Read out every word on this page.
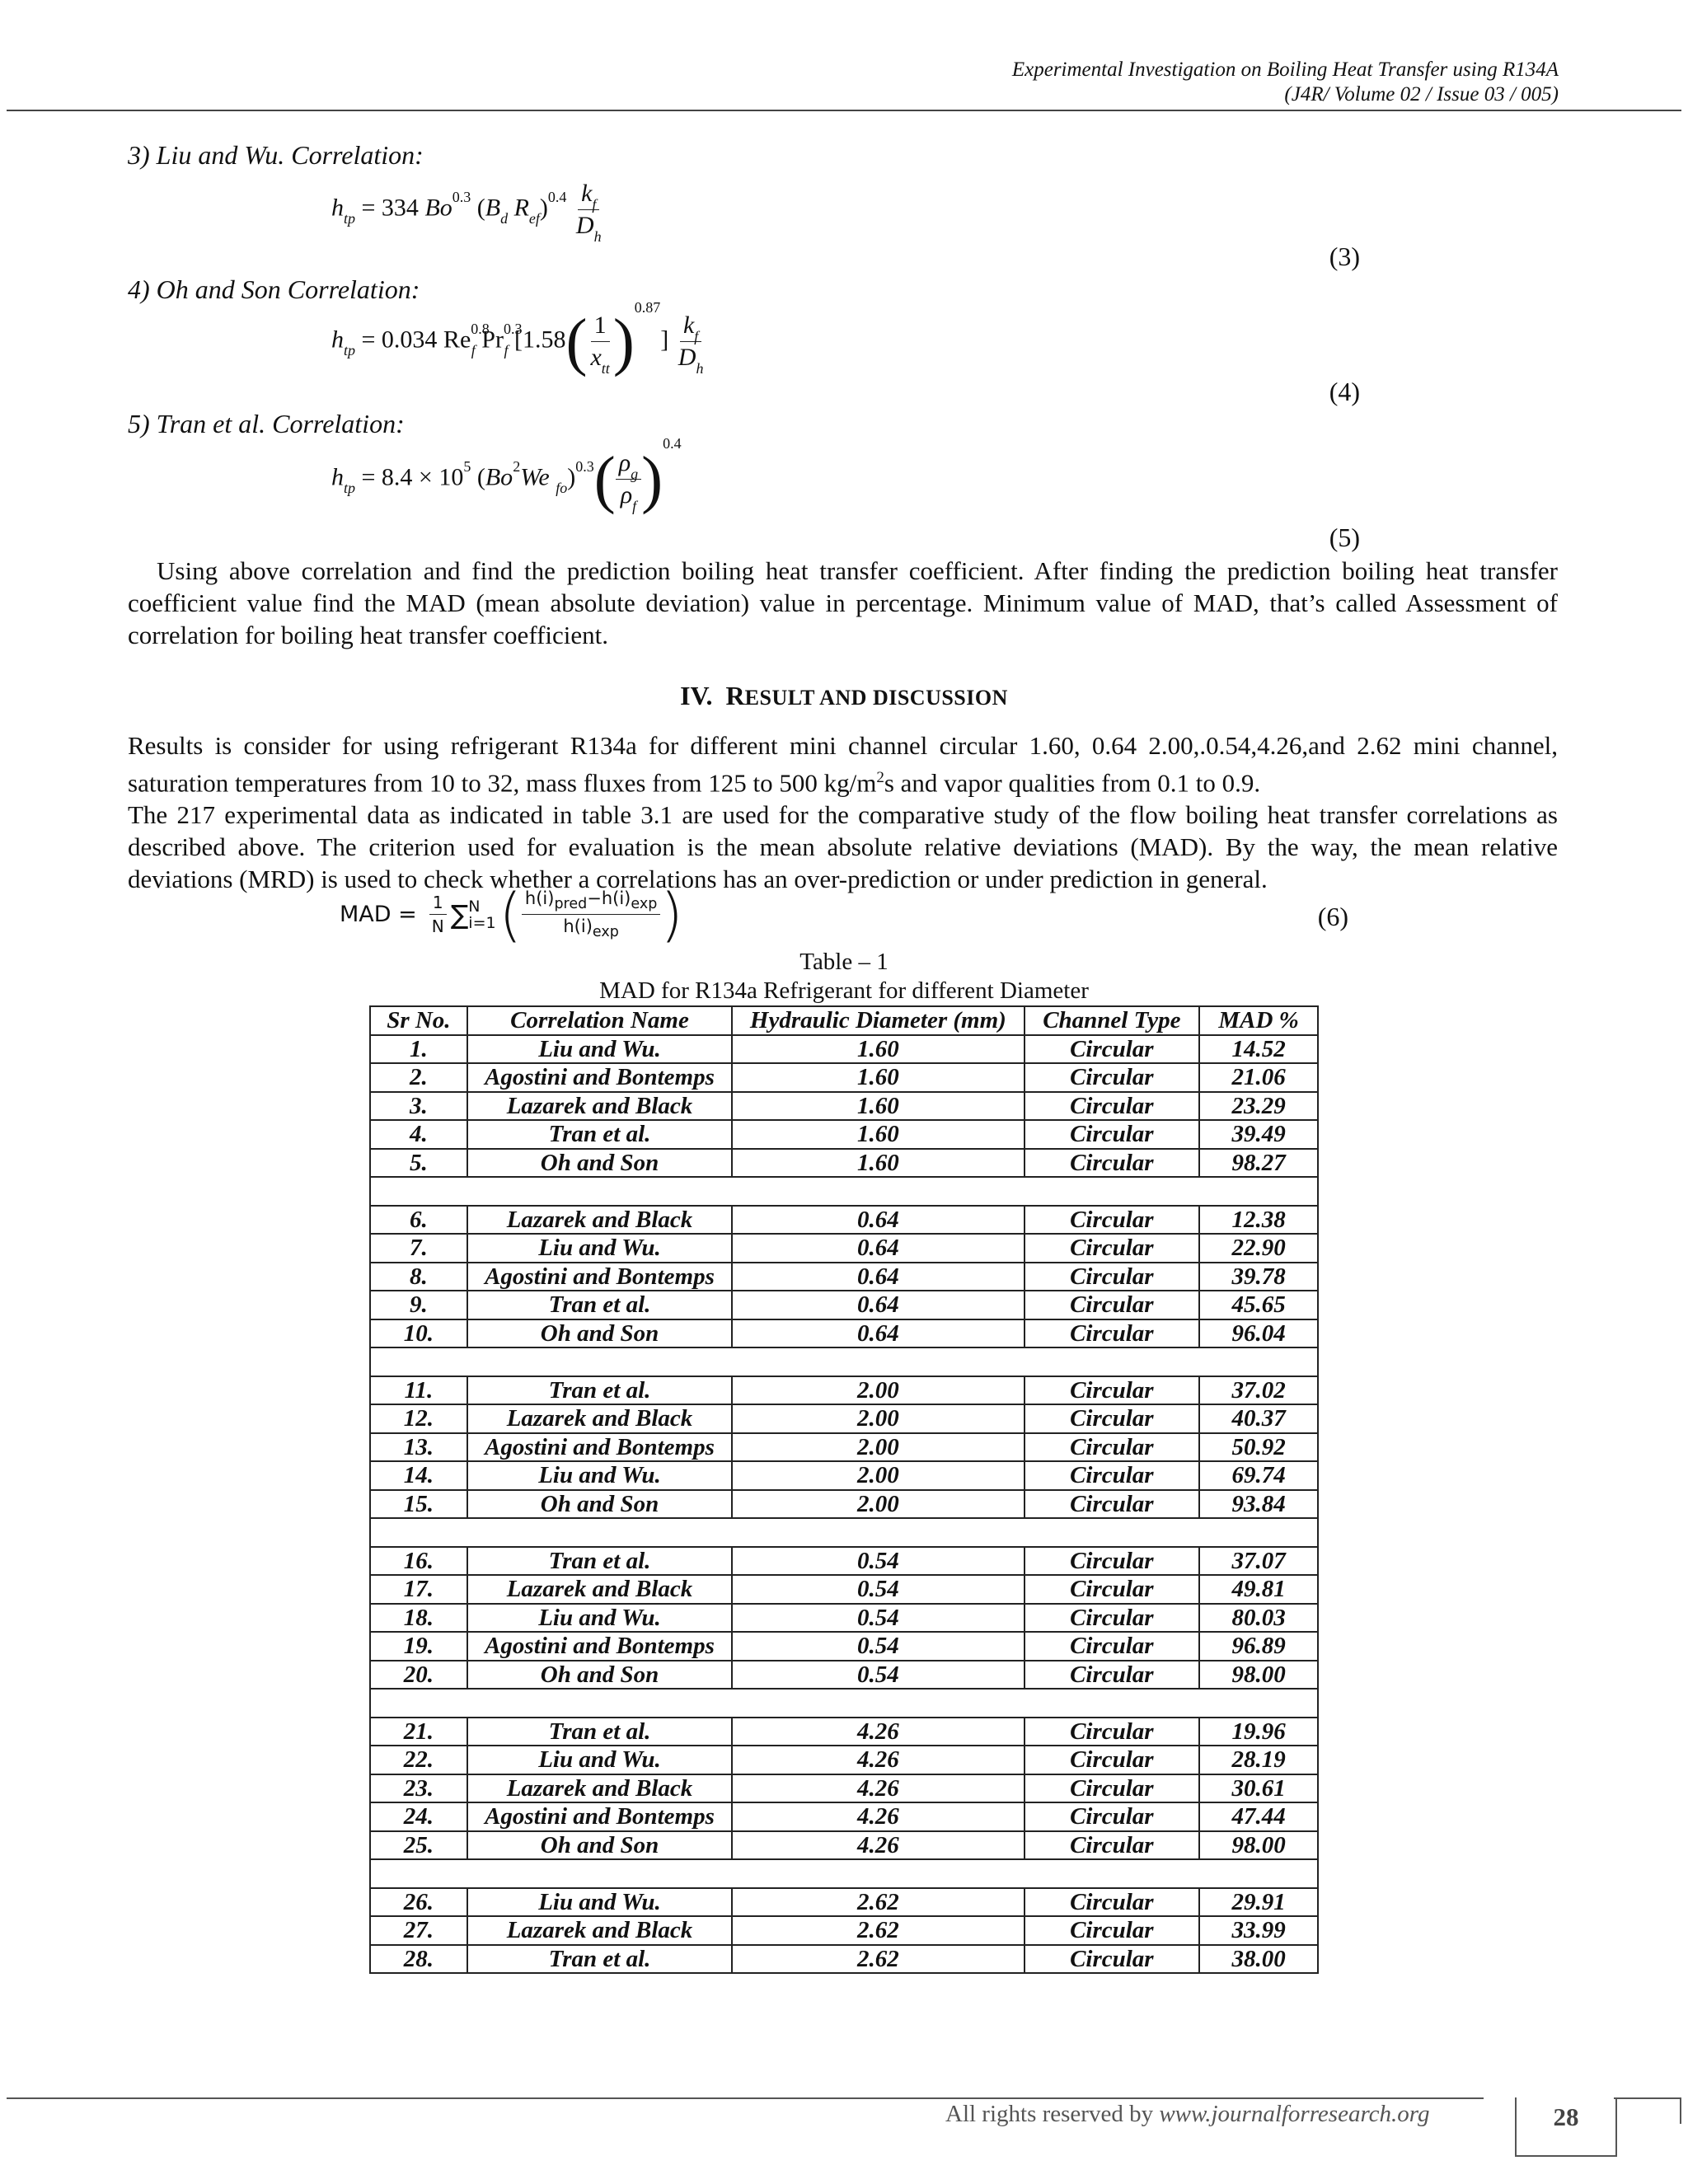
Experimental Investigation on Boiling Heat Transfer using R134A
(J4R/ Volume 02 / Issue 03 / 005)
3) Liu and Wu. Correlation:
$h_{tp} = 334$ $Bo^{0.3}$ ($B_d$ $R_{ef})^{0.4} \frac{k_f}{D_h}$
(3)
4) Oh and Son Correlation:
$h_{tp} = 0.034$ $Re^{0.8}_f$ $Pr^{0.3}_f$ $[1.58( \frac{1}{x_{tt}} )^{0.87}] \frac{k_f}{D_h}$
(4)
5) Tran et al. Correlation:
$h_{tp} = 8.4 \times 10^5$ (Bo$^2$We $_{fo})^{0.3}( \frac{\rho_g}{\rho_f} )^{0.4}$
(5)

Using above correlation and find the prediction boiling heat transfer coefficient. After finding the prediction boiling heat transfer coefficient value find the MAD (mean absolute deviation) value in percentage. Minimum value of MAD, that’s called Assessment of correlation for boiling heat transfer coefficient.

IV. RESULT AND DISCUSSION

Results is consider for using refrigerant R134a for different mini channel circular 1.60, 0.64 2.00,.0.54,4.26,and 2.62 mini channel, saturation temperatures from 10 to 32, mass fluxes from 125 to 500 $kg/m^2s$ and vapor qualities from 0.1 to 0.9.

The 217 experimental data as indicated in table 3.1 are used for the comparative study of the flow boiling heat transfer correlations as described above. The criterion used for evaluation is the mean absolute relative deviations (MAD). By the way, the mean relative deviations (MRD) is used to check whether a correlations has an over-prediction or under prediction in general.

MAD = $\frac{1}{N}$ ∑ N
i=1 ( $\frac{h(i)_{pred}-h(i)_{exp}}{h(i)_{exp}}$ )	(6)
Table – 1
MAD for R134a Refrigerant for different Diameter
Sr No.	Correlation Name	Hydraulic Diameter (mm)	Channel Type	MAD %
1.	Liu and Wu.	1.60	Circular	14.52
2.	Agostini and Bontemps	1.60	Circular	21.06
3.	Lazarek and Black	1.60	Circular	23.29
4.	Tran et al.	1.60	Circular	39.49
5.	Oh and Son	1.60	Circular	98.27

6.	Lazarek and Black	0.64	Circular	12.38
7.	Liu and Wu.	0.64	Circular	22.90
8.	Agostini and Bontemps	0.64	Circular	39.78
9.	Tran et al.	0.64	Circular	45.65
10.	Oh and Son	0.64	Circular	96.04

11.	Tran et al.	2.00	Circular	37.02
12.	Lazarek and Black	2.00	Circular	40.37
13.	Agostini and Bontemps	2.00	Circular	50.92
14.	Liu and Wu.	2.00	Circular	69.74
15.	Oh and Son	2.00	Circular	93.84

16.	Tran et al.	0.54	Circular	37.07
17.	Lazarek and Black	0.54	Circular	49.81
18.	Liu and Wu.	0.54	Circular	80.03
19.	Agostini and Bontemps	0.54	Circular	96.89
20.	Oh and Son	0.54	Circular	98.00

21.	Tran et al.	4.26	Circular	19.96
22.	Liu and Wu.	4.26	Circular	28.19
23.	Lazarek and Black	4.26	Circular	30.61
24.	Agostini and Bontemps	4.26	Circular	47.44
25.	Oh and Son	4.26	Circular	98.00

26.	Liu and Wu.	2.62	Circular	29.91
27.	Lazarek and Black	2.62	Circular	33.99
28.	Tran et al.	2.62	Circular	38.00
All rights reserved by www.journalforresearch.org	28
